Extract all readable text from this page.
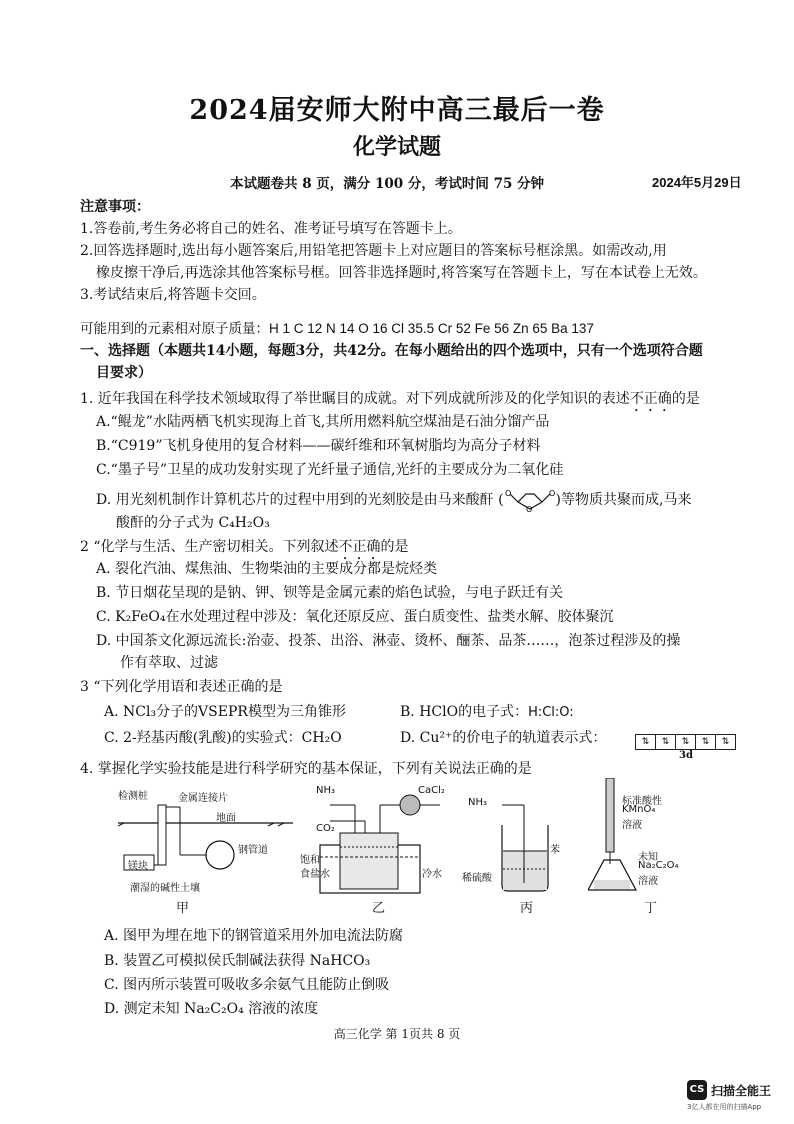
2024届安师大附中高三最后一卷
化学试题
本试题卷共 8 页，满分 100 分，考试时间 75 分钟	2024年5月29日
注意事项：
1.答卷前,考生务必将自己的姓名、准考证号填写在答题卡上。
2.回答选择题时,选出每小题答案后,用铅笔把答题卡上对应题目的答案标号框涂黑。如需改动,用
橡皮擦干净后,再选涂其他答案标号框。回答非选择题时,将答案写在答题卡上，写在本试卷上无效。
3.考试结束后,将答题卡交回。
可能用到的元素相对原子质量：H 1 C 12 N 14 O 16 Cl 35.5 Cr 52 Fe 56 Zn 65 Ba 137
一、选择题（本题共14小题，每题3分，共42分。在每小题给出的四个选项中，只有一个选项符合题
目要求）
1. 近年我国在科学技术领域取得了举世瞩目的成就。对下列成就所涉及的化学知识的表述不正确的是
A.“鲲龙”水陆两栖飞机实现海上首飞,其所用燃料航空煤油是石油分馏产品
B.“C919”飞机身使用的复合材料——碳纤维和环氧树脂均为高分子材料
C.“墨子号”卫星的成功发射实现了光纤量子通信,光纤的主要成分为二氧化硅
D. 用光刻机制作计算机芯片的过程中用到的光刻胶是由马来酸酐 ( O	O
O
)等物质共聚而成,马来
酸酐的分子式为 C₄H₂O₃
2 “化学与生活、生产密切相关。下列叙述不正确的是
A. 裂化汽油、煤焦油、生物柴油的主要成分都是烷烃类
B. 节日烟花呈现的是钠、钾、钡等是金属元素的焰色试验，与电子跃迁有关
C. K₂FeO₄在水处理过程中涉及：氧化还原反应、蛋白质变性、盐类水解、胶体聚沉
D. 中国茶文化源远流长:治壶、投茶、出浴、淋壶、烫杯、酾茶、品茶……，泡茶过程涉及的操
作有萃取、过滤
3 “下列化学用语和表述正确的是
A. NCl₃分子的VSEPR模型为三角锥形	B. HClO的电子式：H:Cl:O:
C. 2-羟基丙酸(乳酸)的实验式：CH₂O	D. Cu²⁺的价电子的轨道表示式：	⇅ ⇅ ⇅ ⇅ ⇅
3d
4. 掌握化学实验技能是进行科学研究的基本保证，下列有关说法正确的是
检测桩	金属连接片
地面
钢管道
镁块
潮湿的碱性土壤
甲
NH₃
CO₂
CaCl₂
饱和
食盐水	冷水
乙
NH₃
苯
稀硫酸
丙
标准酸性
KMnO₄
溶液
未知
Na₂C₂O₄
溶液
丁
A. 图甲为埋在地下的钢管道采用外加电流法防腐
B. 装置乙可模拟侯氏制碱法获得 NaHCO₃
C. 图丙所示装置可吸收多余氨气且能防止倒吸
D. 测定未知 Na₂C₂O₄ 溶液的浓度
高三化学 第 1页共 8 页
CS 扫描全能王
3亿人都在用的扫描App
